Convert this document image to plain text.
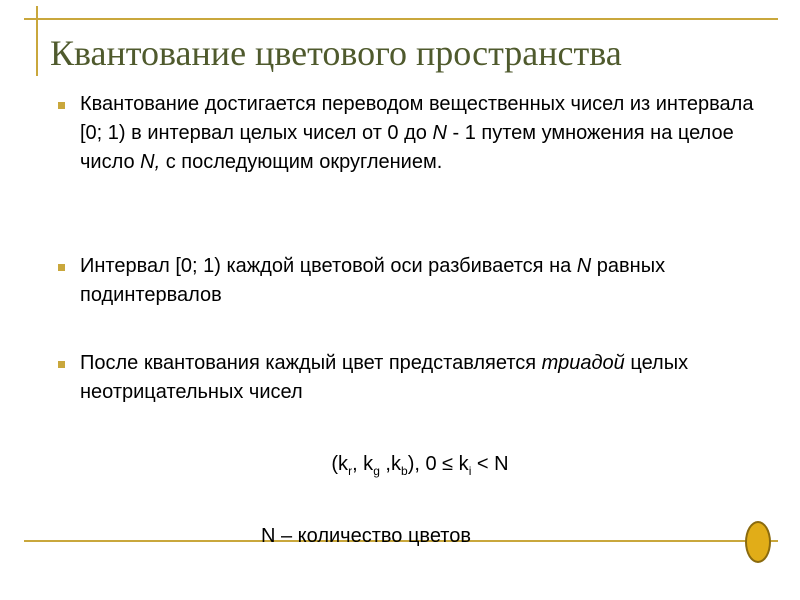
Квантование цветового пространства
Квантование достигается переводом вещественных чисел из интервала [0; 1) в интервал целых чисел от 0 до N - 1 путем умножения на целое число N, с последующим округлением.
Интервал [0; 1) каждой цветовой оси разбивается на N равных подинтервалов
После квантования каждый цвет представляется триадой целых неотрицательных чисел
($k_r$, $k_g$ $,k_b$), $0 \le k_i < N$
N – количество цветов
